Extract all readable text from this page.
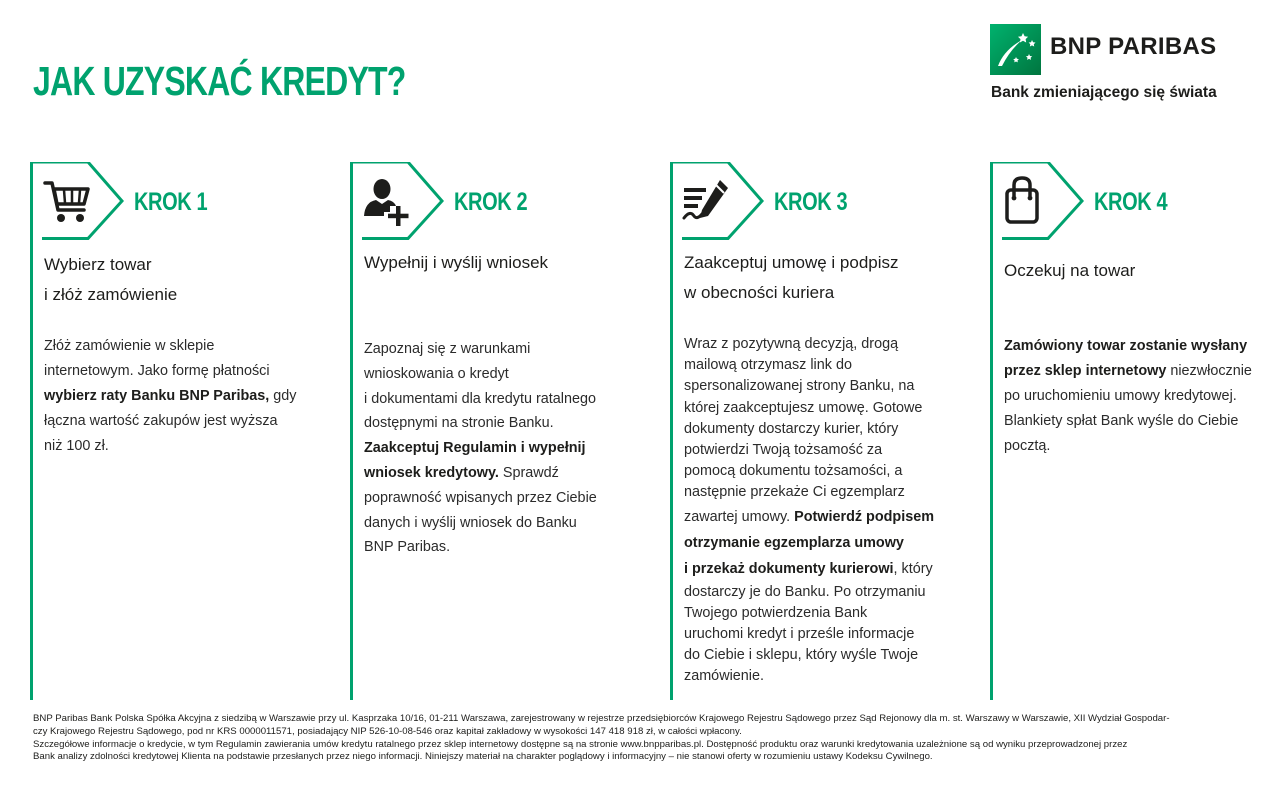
JAK UZYSKAĆ KREDYT?
BNP PARIBAS
Bank zmieniającego się świata
KROK 1
Wybierz towar
i złóż zamówienie

Złóż zamówienie w sklepie
internetowym. Jako formę płatności
wybierz raty Banku BNP Paribas, gdy
łączna wartość zakupów jest wyższa
niż 100 zł.

KROK 2
Wypełnij i wyślij wniosek

Zapoznaj się z warunkami
wnioskowania o kredyt
i dokumentami dla kredytu ratalnego
dostępnymi na stronie Banku.
Zaakceptuj Regulamin i wypełnij
wniosek kredytowy. Sprawdź
poprawność wpisanych przez Ciebie
danych i wyślij wniosek do Banku
BNP Paribas.

KROK 3
Zaakceptuj umowę i podpisz
w obecności kuriera

Wraz z pozytywną decyzją, drogą
mailową otrzymasz link do
spersonalizowanej strony Banku, na
której zaakceptujesz umowę. Gotowe
dokumenty dostarczy kurier, który
potwierdzi Twoją tożsamość za
pomocą dokumentu tożsamości, a
następnie przekaże Ci egzemplarz
zawartej umowy. Potwierdź podpisem
otrzymanie egzemplarza umowy
i przekaż dokumenty kurierowi, który
dostarczy je do Banku. Po otrzymaniu
Twojego potwierdzenia Bank
uruchomi kredyt i prześle informacje
do Ciebie i sklepu, który wyśle Twoje
zamówienie.

KROK 4
Oczekuj na towar

Zamówiony towar zostanie wysłany
przez sklep internetowy niezwłocznie
po uruchomieniu umowy kredytowej.
Blankiety spłat Bank wyśle do Ciebie
pocztą.

BNP Paribas Bank Polska Spółka Akcyjna z siedzibą w Warszawie przy ul. Kasprzaka 10/16, 01-211 Warszawa, zarejestrowany w rejestrze przedsiębiorców Krajowego Rejestru Sądowego przez Sąd Rejonowy dla m. st. Warszawy w Warszawie, XII Wydział Gospodar-
czy Krajowego Rejestru Sądowego, pod nr KRS 0000011571, posiadający NIP 526-10-08-546 oraz kapitał zakładowy w wysokości 147 418 918 zł, w całości wpłacony.
Szczegółowe informacje o kredycie, w tym Regulamin zawierania umów kredytu ratalnego przez sklep internetowy dostępne są na stronie www.bnpparibas.pl. Dostępność produktu oraz warunki kredytowania uzależnione są od wyniku przeprowadzonej przez
Bank analizy zdolności kredytowej Klienta na podstawie przesłanych przez niego informacji. Niniejszy materiał na charakter poglądowy i informacyjny – nie stanowi oferty w rozumieniu ustawy Kodeksu Cywilnego.
